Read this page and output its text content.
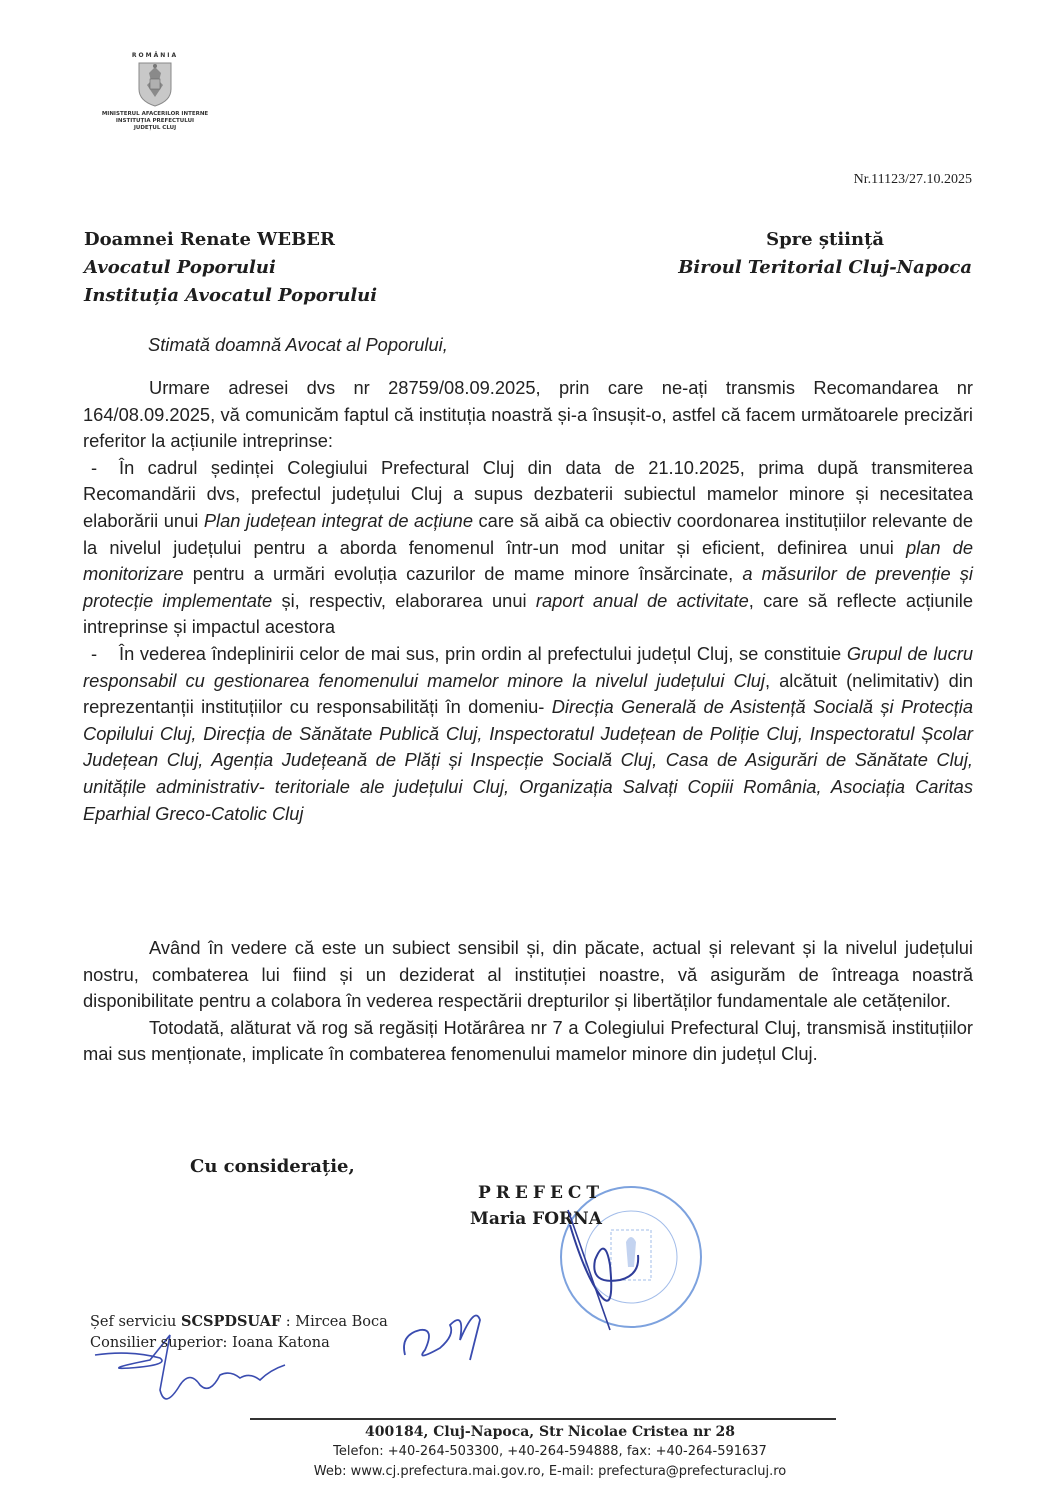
ROMÂNIA
MINISTERUL AFACERILOR INTERNE
INSTITUȚIA PREFECTULUI
JUDEȚUL CLUJ
Nr.11123/27.10.2025
Doamnei Renate WEBER
Avocatul Poporului
Instituția Avocatul Poporului
Spre știință
Biroul Teritorial Cluj-Napoca
Stimată doamnă Avocat al Poporului,

Urmare adresei dvs nr 28759/08.09.2025, prin care ne-ați transmis Recomandarea nr 164/08.09.2025, vă comunicăm faptul că instituția noastră și-a însușit-o, astfel că facem următoarele precizări referitor la acțiunile intreprinse:

- În cadrul ședinței Colegiului Prefectural Cluj din data de 21.10.2025, prima după transmiterea Recomandării dvs, prefectul județului Cluj a supus dezbaterii subiectul mamelor minore și necesitatea elaborării unui Plan județean integrat de acțiune care să aibă ca obiectiv coordonarea instituțiilor relevante de la nivelul județului pentru a aborda fenomenul într-un mod unitar și eficient, definirea unui plan de monitorizare pentru a urmări evoluția cazurilor de mame minore însărcinate, a măsurilor de prevenție și protecție implementate și, respectiv, elaborarea unui raport anual de activitate, care să reflecte acțiunile intreprinse și impactul acestora

- În vederea îndeplinirii celor de mai sus, prin ordin al prefectului județul Cluj, se constituie Grupul de lucru responsabil cu gestionarea fenomenului mamelor minore la nivelul județului Cluj, alcătuit (nelimitativ) din reprezentanții instituțiilor cu responsabilități în domeniu- Direcția Generală de Asistență Socială și Protecția Copilului Cluj, Direcția de Sănătate Publică Cluj, Inspectoratul Județean de Poliție Cluj, Inspectoratul Școlar Județean Cluj, Agenția Județeană de Plăți și Inspecție Socială Cluj, Casa de Asigurări de Sănătate Cluj, unitățile administrativ- teritoriale ale județului Cluj, Organizația Salvați Copiii România, Asociația Caritas Eparhial Greco-Catolic Cluj

Având în vedere că este un subiect sensibil și, din păcate, actual și relevant și la nivelul județului nostru, combaterea lui fiind și un deziderat al instituției noastre, vă asigurăm de întreaga noastră disponibilitate pentru a colabora în vederea respectării drepturilor și libertăților fundamentale ale cetățenilor.

Totodată, alăturat vă rog să regăsiți Hotărârea nr 7 a Colegiului Prefectural Cluj, transmisă instituțiilor mai sus menționate, implicate în combaterea fenomenului mamelor minore din județul Cluj.

Cu considerație,
PREFECT
Maria FORNA
Șef serviciu SCSPDSUAF : Mircea Boca
Consilier superior: Ioana Katona
400184, Cluj-Napoca, Str Nicolae Cristea nr 28
Telefon: +40-264-503300, +40-264-594888, fax: +40-264-591637
Web: www.cj.prefectura.mai.gov.ro, E-mail: prefectura@prefecturacluj.ro
